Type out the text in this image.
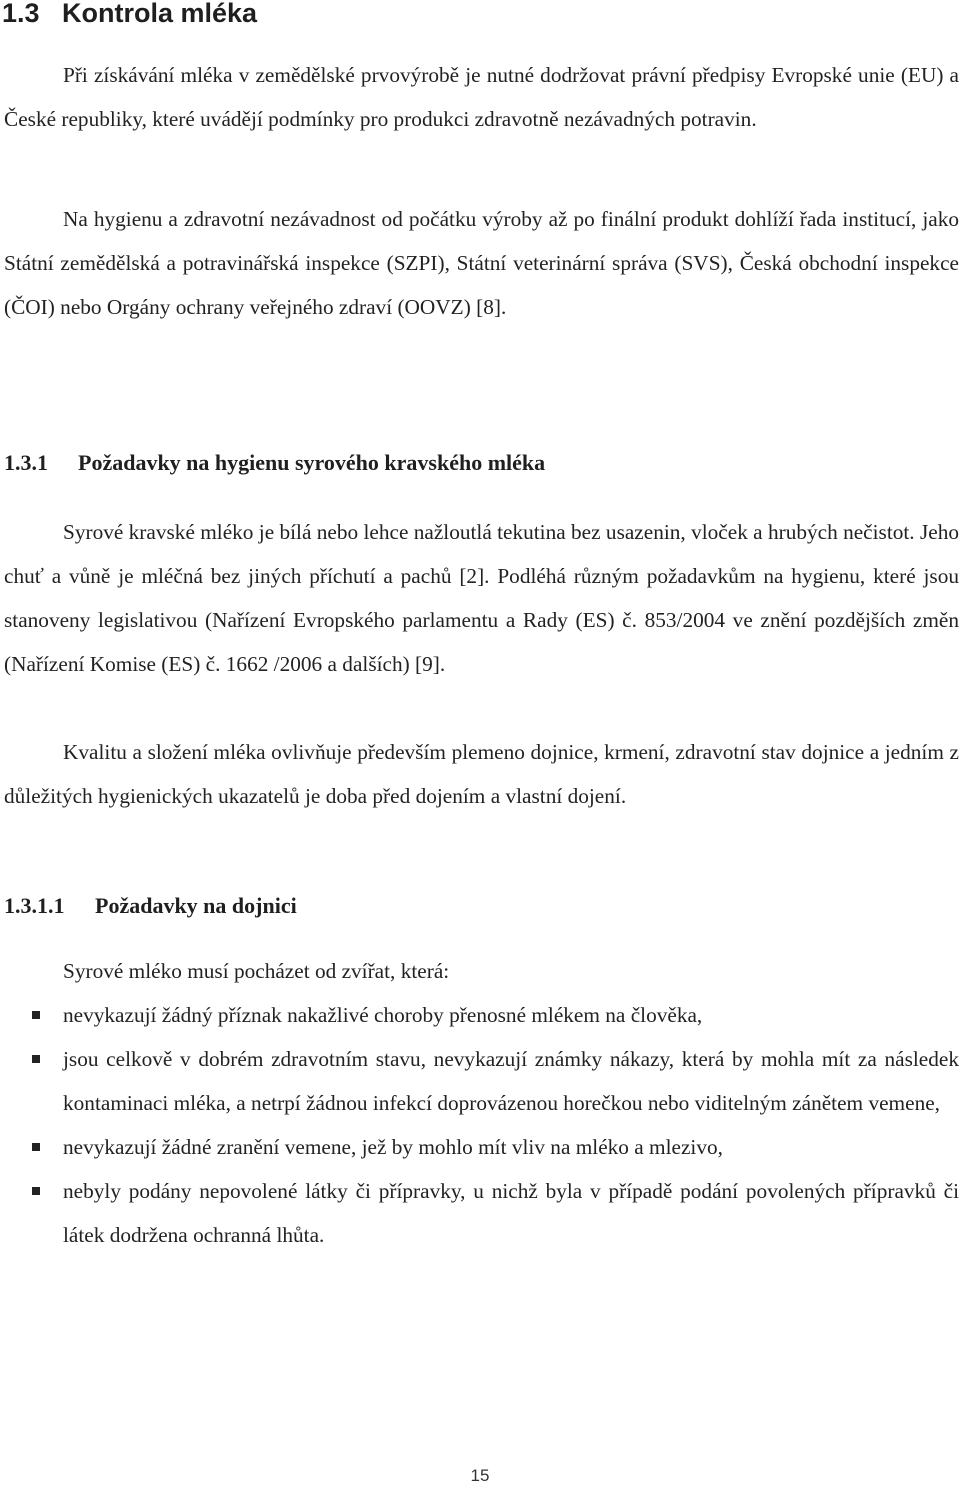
1.3 Kontrola mléka

Při získávání mléka v zemědělské prvovýrobě je nutné dodržovat právní předpisy Evropské unie (EU) a České republiky, které uvádějí podmínky pro produkci zdravotně nezávadných potravin.

Na hygienu a zdravotní nezávadnost od počátku výroby až po finální produkt dohlíží řada institucí, jako Státní zemědělská a potravinářská inspekce (SZPI), Státní veterinární správa (SVS), Česká obchodní inspekce (ČOI) nebo Orgány ochrany veřejného zdraví (OOVZ) [8].

1.3.1 Požadavky na hygienu syrového kravského mléka

Syrové kravské mléko je bílá nebo lehce nažloutlá tekutina bez usazenin, vloček a hrubých nečistot. Jeho chuť a vůně je mléčná bez jiných příchutí a pachů [2]. Podléhá různým požadavkům na hygienu, které jsou stanoveny legislativou (Nařízení Evropského parlamentu a Rady (ES) č. 853/2004 ve znění pozdějších změn (Nařízení Komise (ES) č. 1662 /2006 a dalších) [9].

Kvalitu a složení mléka ovlivňuje především plemeno dojnice, krmení, zdravotní stav dojnice a jedním z důležitých hygienických ukazatelů je doba před dojením a vlastní dojení.

1.3.1.1 Požadavky na dojnici

Syrové mléko musí pocházet od zvířat, která:

nevykazují žádný příznak nakažlivé choroby přenosné mlékem na člověka,
jsou celkově v dobrém zdravotním stavu, nevykazují známky nákazy, která by mohla mít za následek kontaminaci mléka, a netrpí žádnou infekcí doprovázenou horečkou nebo viditelným zánětem vemene,
nevykazují žádné zranění vemene, jež by mohlo mít vliv na mléko a mlezivo,
nebyly podány nepovolené látky či přípravky, u nichž byla v případě podání povolených přípravků či látek dodržena ochranná lhůta.
15
